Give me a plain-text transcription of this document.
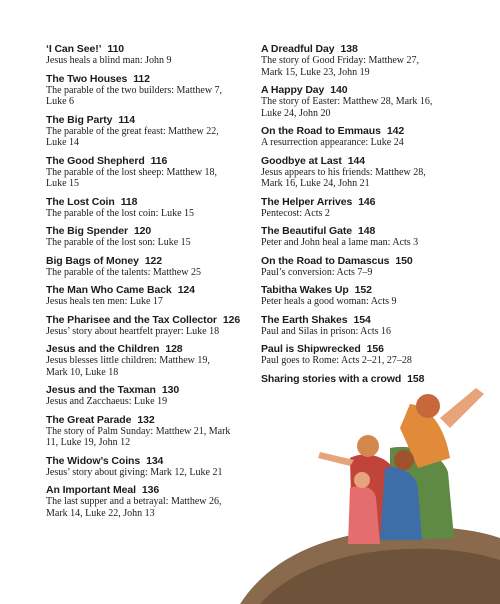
‘I Can See!’ 110
Jesus heals a blind man: John 9
The Two Houses 112
The parable of the two builders: Matthew 7,
Luke 6
The Big Party 114
The parable of the great feast: Matthew 22,
Luke 14
The Good Shepherd 116
The parable of the lost sheep: Matthew 18,
Luke 15
The Lost Coin 118
The parable of the lost coin: Luke 15
The Big Spender 120
The parable of the lost son: Luke 15
Big Bags of Money 122
The parable of the talents: Matthew 25
The Man Who Came Back 124
Jesus heals ten men: Luke 17
The Pharisee and the Tax Collector 126
Jesus’ story about heartfelt prayer: Luke 18
Jesus and the Children 128
Jesus blesses little children: Matthew 19,
Mark 10, Luke 18
Jesus and the Taxman 130
Jesus and Zacchaeus: Luke 19
The Great Parade 132
The story of Palm Sunday: Matthew 21, Mark
11, Luke 19, John 12
The Widow’s Coins 134
Jesus’ story about giving: Mark 12, Luke 21
An Important Meal 136
The last supper and a betrayal: Matthew 26,
Mark 14, Luke 22, John 13
A Dreadful Day 138
The story of Good Friday: Matthew 27,
Mark 15, Luke 23, John 19
A Happy Day 140
The story of Easter: Matthew 28, Mark 16,
Luke 24, John 20
On the Road to Emmaus 142
A resurrection appearance: Luke 24
Goodbye at Last 144
Jesus appears to his friends: Matthew 28,
Mark 16, Luke 24, John 21
The Helper Arrives 146
Pentecost: Acts 2
The Beautiful Gate 148
Peter and John heal a lame man: Acts 3
On the Road to Damascus 150
Paul’s conversion: Acts 7–9
Tabitha Wakes Up 152
Peter heals a good woman: Acts 9
The Earth Shakes 154
Paul and Silas in prison: Acts 16
Paul is Shipwrecked 156
Paul goes to Rome: Acts 2–21, 27–28
Sharing stories with a crowd 158
